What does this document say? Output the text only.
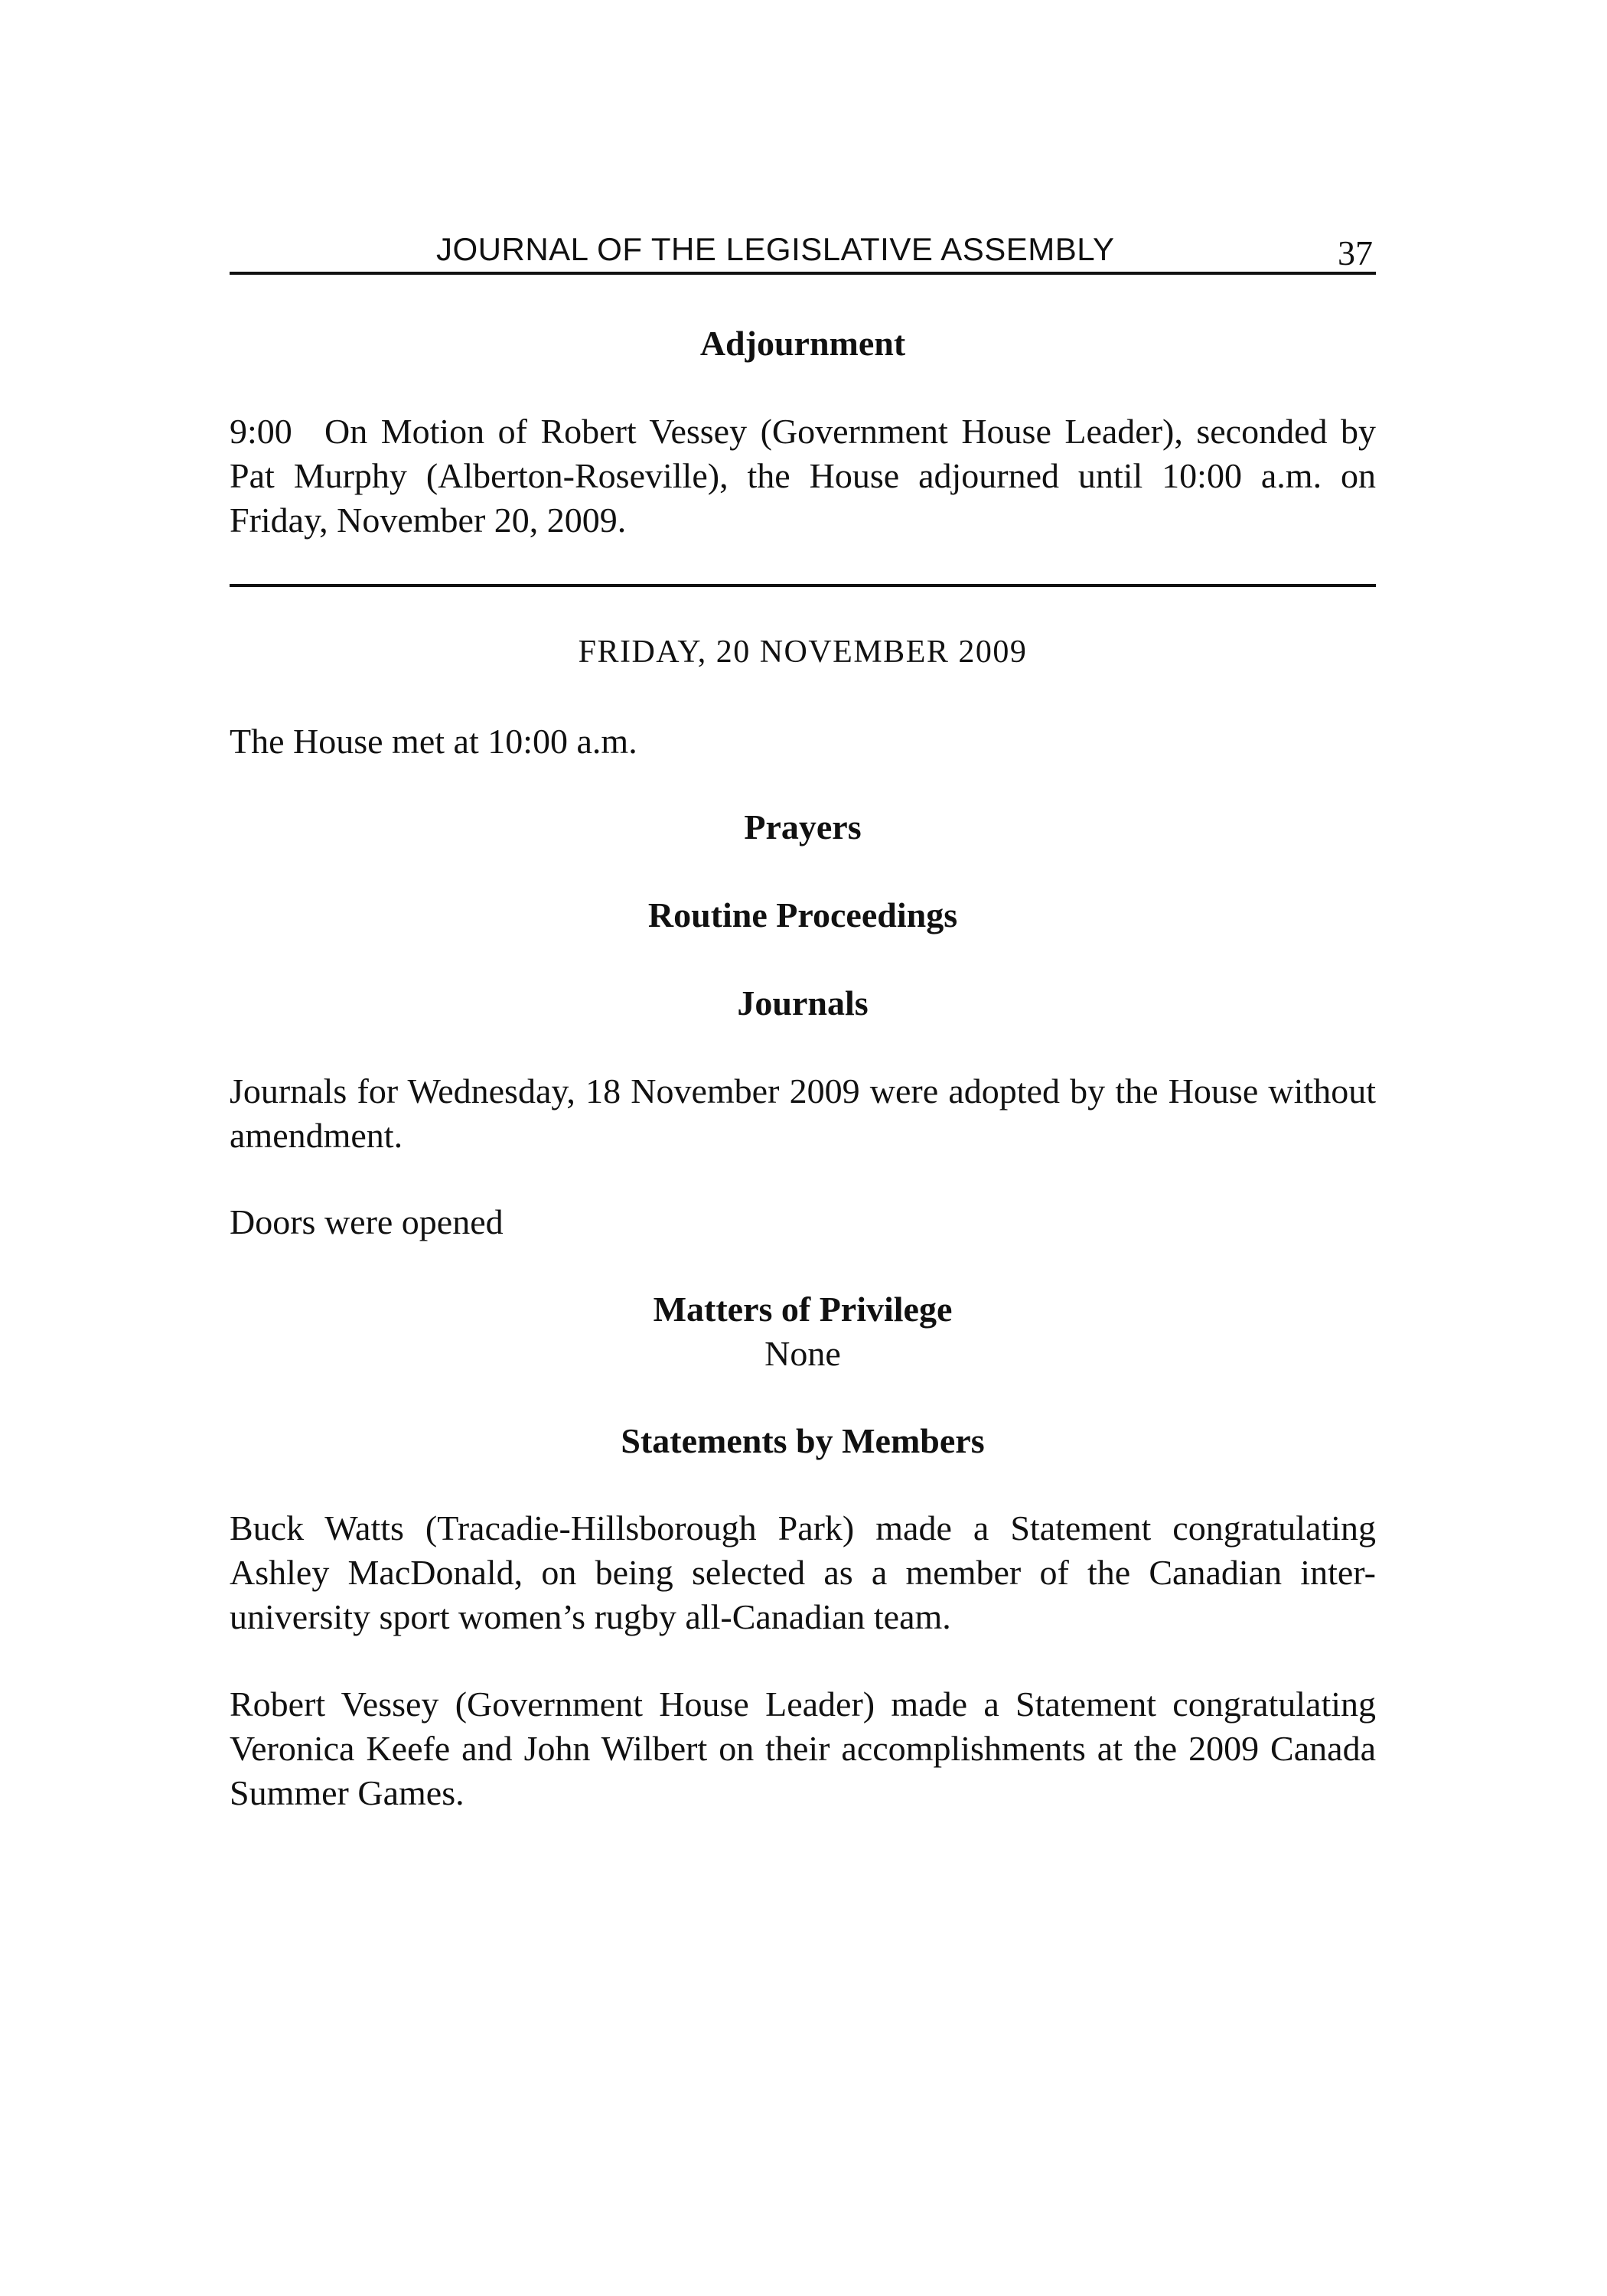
JOURNAL OF THE LEGISLATIVE ASSEMBLY	37
Adjournment
9:00 On Motion of Robert Vessey (Government House Leader), seconded by Pat Murphy (Alberton-Roseville), the House adjourned until 10:00 a.m. on Friday, November 20, 2009.
FRIDAY, 20 NOVEMBER 2009
The House met at 10:00 a.m.
Prayers
Routine Proceedings
Journals
Journals for Wednesday, 18 November 2009 were adopted by the House without amendment.
Doors were opened
Matters of Privilege
None
Statements by Members
Buck Watts (Tracadie-Hillsborough Park) made a Statement congratulating Ashley MacDonald, on being selected as a member of the Canadian inter-university sport women’s rugby all-Canadian team.
Robert Vessey (Government House Leader) made a Statement congratulating Veronica Keefe and John Wilbert on their accomplishments at the 2009 Canada Summer Games.
